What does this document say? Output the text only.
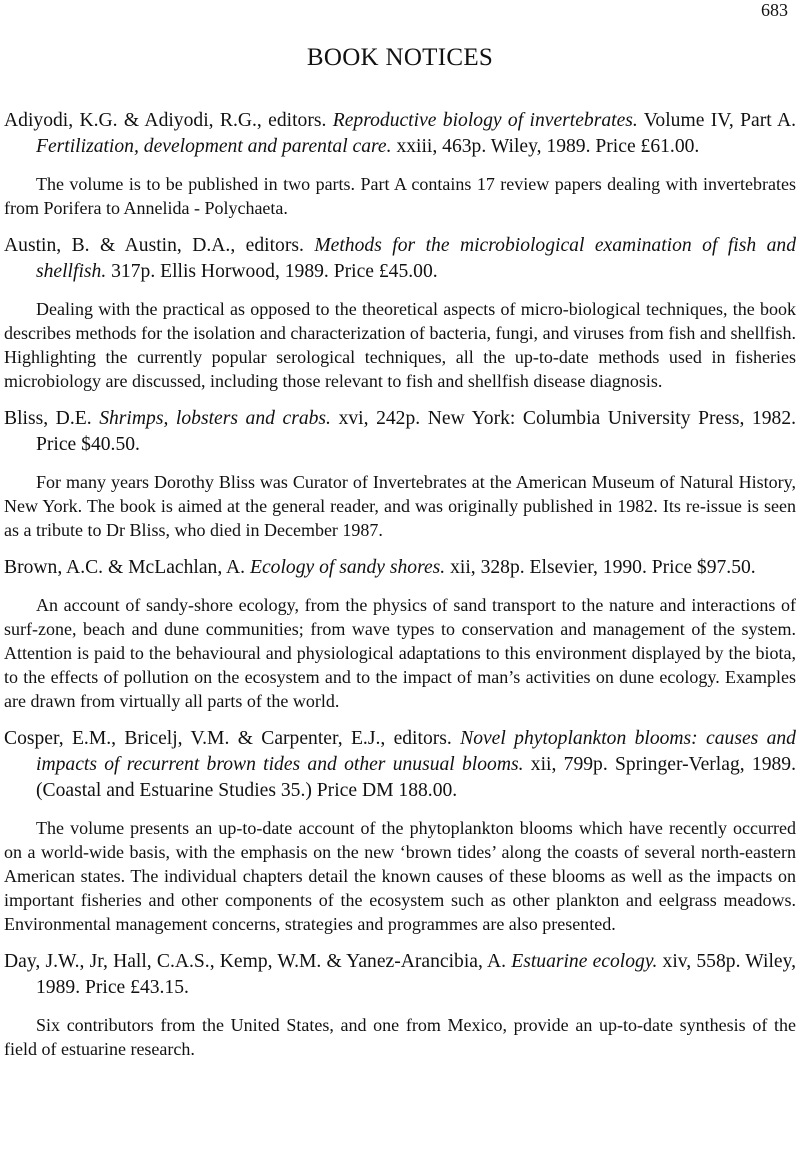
683
BOOK NOTICES

Adiyodi, K.G. & Adiyodi, R.G., editors. Reproductive biology of invertebrates. Volume IV, Part A. Fertilization, development and parental care. xxiii, 463p. Wiley, 1989. Price £61.00.

The volume is to be published in two parts. Part A contains 17 review papers dealing with invertebrates from Porifera to Annelida - Polychaeta.

Austin, B. & Austin, D.A., editors. Methods for the microbiological examination of fish and shellfish. 317p. Ellis Horwood, 1989. Price £45.00.

Dealing with the practical as opposed to the theoretical aspects of micro-biological techniques, the book describes methods for the isolation and characterization of bacteria, fungi, and viruses from fish and shellfish. Highlighting the currently popular serological techniques, all the up-to-date methods used in fisheries microbiology are discussed, including those relevant to fish and shellfish disease diagnosis.

Bliss, D.E. Shrimps, lobsters and crabs. xvi, 242p. New York: Columbia University Press, 1982. Price $40.50.

For many years Dorothy Bliss was Curator of Invertebrates at the American Museum of Natural History, New York. The book is aimed at the general reader, and was originally published in 1982. Its re-issue is seen as a tribute to Dr Bliss, who died in December 1987.

Brown, A.C. & McLachlan, A. Ecology of sandy shores. xii, 328p. Elsevier, 1990. Price $97.50.

An account of sandy-shore ecology, from the physics of sand transport to the nature and interactions of surf-zone, beach and dune communities; from wave types to conservation and management of the system. Attention is paid to the behavioural and physiological adaptations to this environment displayed by the biota, to the effects of pollution on the ecosystem and to the impact of man’s activities on dune ecology. Examples are drawn from virtually all parts of the world.

Cosper, E.M., Bricelj, V.M. & Carpenter, E.J., editors. Novel phytoplankton blooms: causes and impacts of recurrent brown tides and other unusual blooms. xii, 799p. Springer-Verlag, 1989. (Coastal and Estuarine Studies 35.) Price DM 188.00.

The volume presents an up-to-date account of the phytoplankton blooms which have recently occurred on a world-wide basis, with the emphasis on the new ‘brown tides’ along the coasts of several north-eastern American states. The individual chapters detail the known causes of these blooms as well as the impacts on important fisheries and other components of the ecosystem such as other plankton and eelgrass meadows. Environmental management concerns, strategies and programmes are also presented.

Day, J.W., Jr, Hall, C.A.S., Kemp, W.M. & Yanez-Arancibia, A. Estuarine ecology. xiv, 558p. Wiley, 1989. Price £43.15.

Six contributors from the United States, and one from Mexico, provide an up-to-date synthesis of the field of estuarine research.
